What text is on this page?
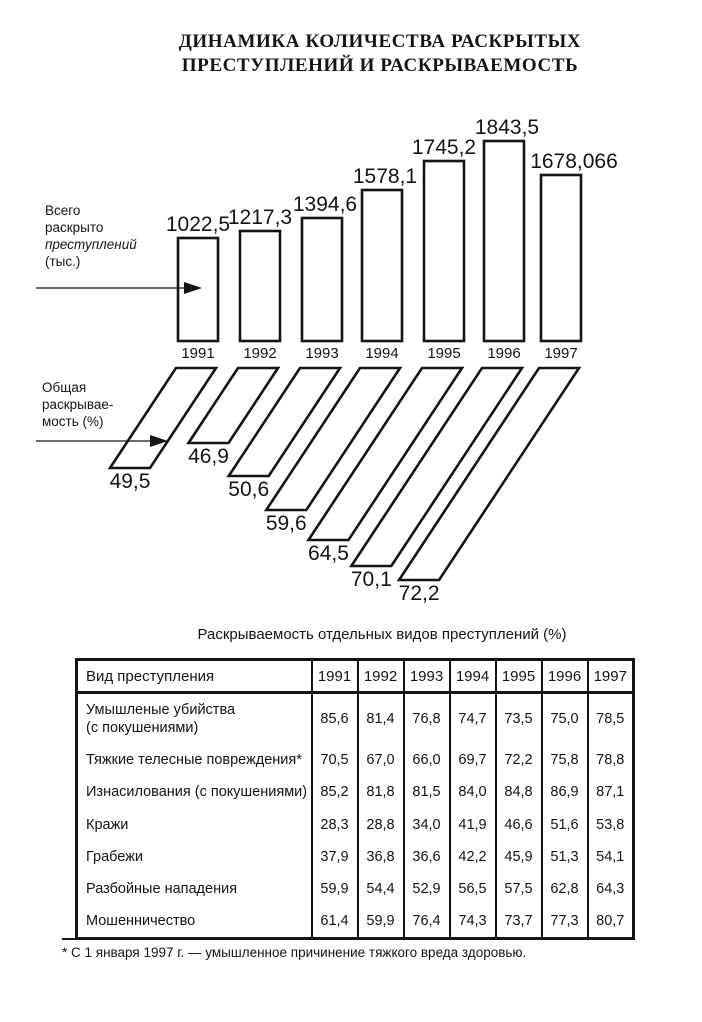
ДИНАМИКА КОЛИЧЕСТВА РАСКРЫТЫХ
ПРЕСТУПЛЕНИЙ И РАСКРЫВАЕМОСТЬ
1022,5
1991
49,5
1217,3
1992
46,9
1394,6
1993
50,6
1578,1
1994
59,6
1745,2
1995
64,5
1843,5
1996
70,1
1678,066
1997
72,2
Всего
раскрыто
преступлений
(тыс.)
Общая
раскрывае-
мость (%)
Раскрываемость отдельных видов преступлений (%)
Вид преступления	1991	1992	1993	1994	1995	1996	1997

Умышленые убийства
(с покушениями)	85,6	81,4	76,8	74,7	73,5	75,0	78,5
Тяжкие телесные повреждения*	70,5	67,0	66,0	69,7	72,2	75,8	78,8
Изнасилования (с покушениями)	85,2	81,8	81,5	84,0	84,8	86,9	87,1
Кражи	28,3	28,8	34,0	41,9	46,6	51,6	53,8
Грабежи	37,9	36,8	36,6	42,2	45,9	51,3	54,1
Разбойные нападения	59,9	54,4	52,9	56,5	57,5	62,8	64,3
Мошенничество	61,4	59,9	76,4	74,3	73,7	77,3	80,7
* С 1 января 1997 г. — умышленное причинение тяжкого вреда здоровью.
